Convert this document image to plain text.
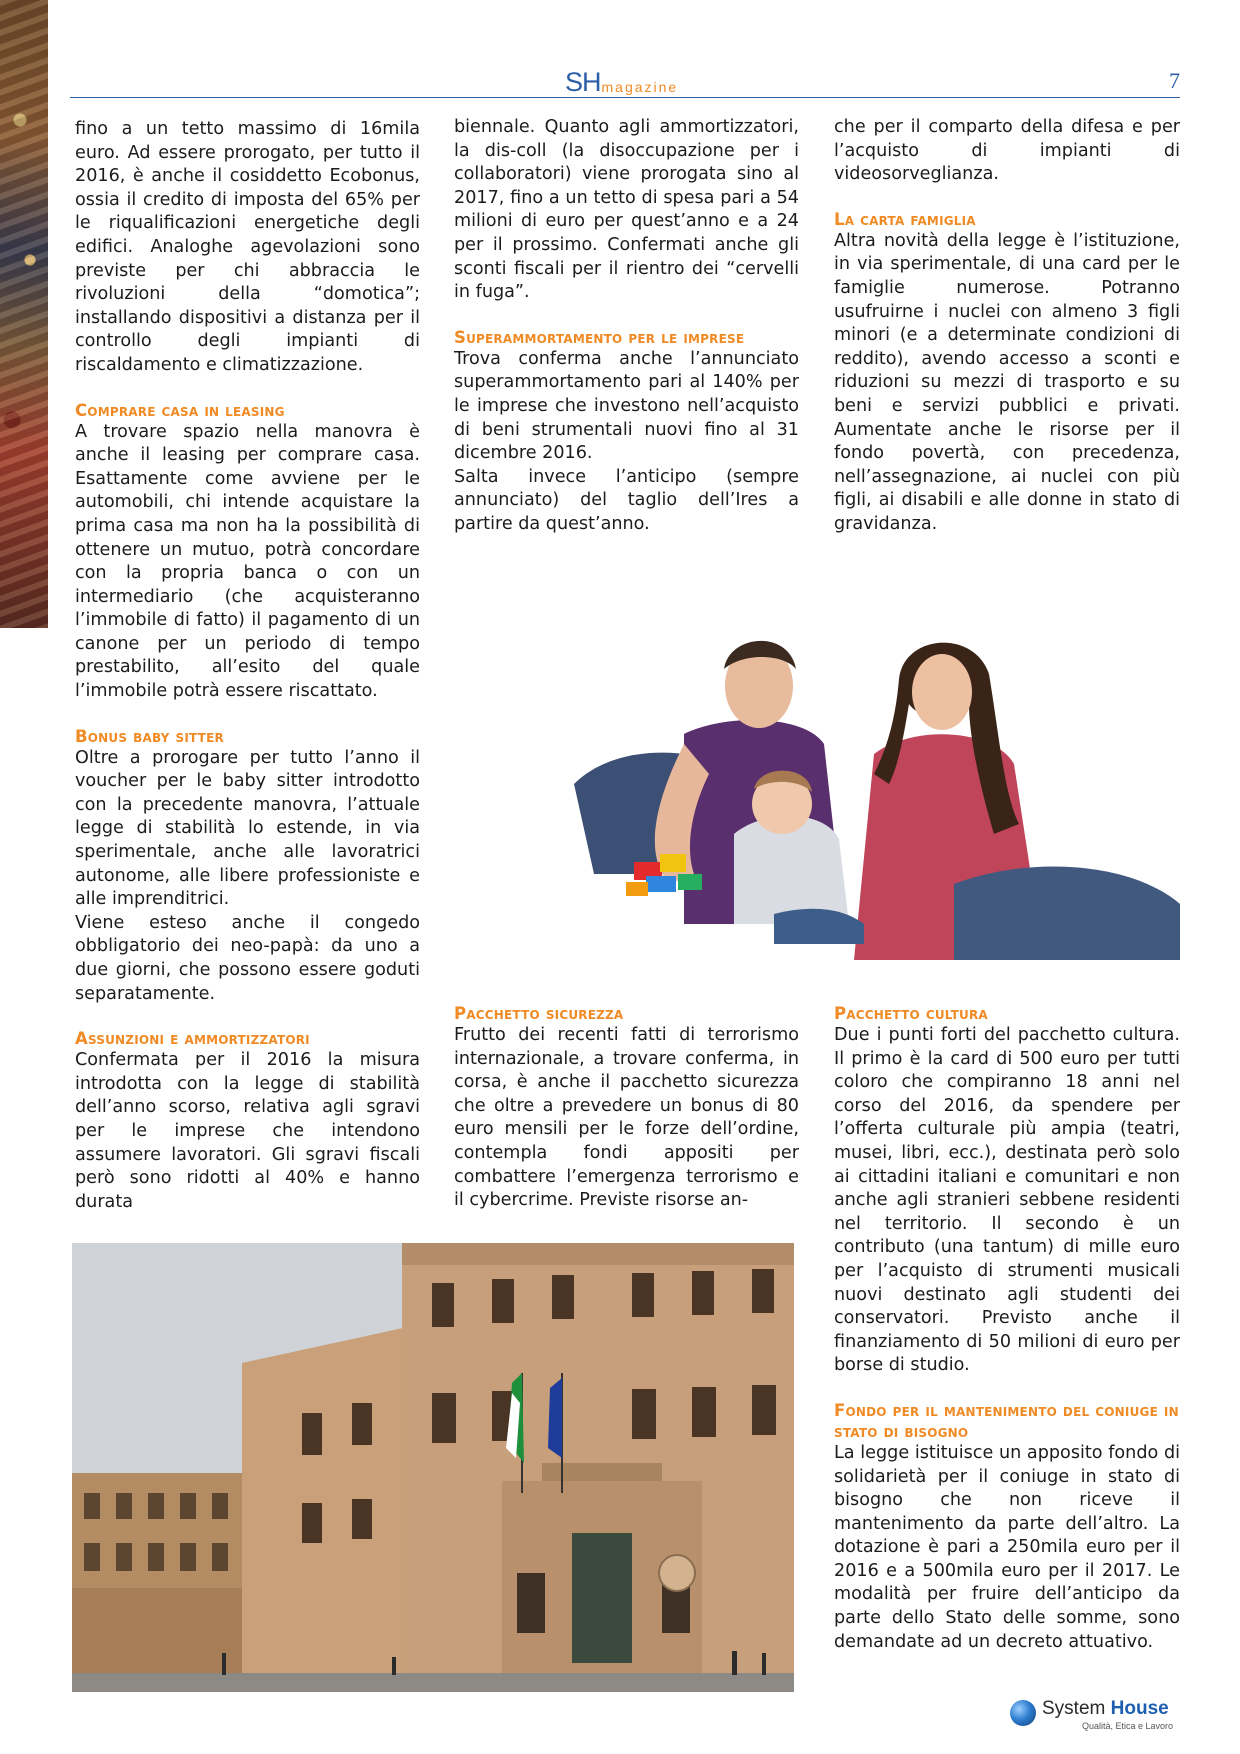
SH magazine	7

fino a un tetto massimo di 16mila euro. Ad essere prorogato, per tutto il 2016, è anche il cosiddetto Ecobonus, ossia il credito di imposta del 65% per le riqualificazioni energetiche degli edifici. Analoghe agevolazioni sono previste per chi abbraccia le rivoluzioni della “domotica”; installando dispositivi a distanza per il controllo degli impianti di riscaldamento e climatizzazione.

Comprare casa in leasing

A trovare spazio nella manovra è anche il leasing per comprare casa. Esattamente come avviene per le automobili, chi intende acquistare la prima casa ma non ha la possibilità di ottenere un mutuo, potrà concordare con la propria banca o con un intermediario (che acquisteranno l’immobile di fatto) il pagamento di un canone per un periodo di tempo prestabilito, all’esito del quale l’immobile potrà essere riscattato.

Bonus baby sitter

Oltre a prorogare per tutto l’anno il voucher per le baby sitter introdotto con la precedente manovra, l’attuale legge di stabilità lo estende, in via sperimentale, anche alle lavoratrici autonome, alle libere professioniste e alle imprenditrici.

Viene esteso anche il congedo obbligatorio dei neo-papà: da uno a due giorni, che possono essere goduti separatamente.

Assunzioni e ammortizzatori

Confermata per il 2016 la misura introdotta con la legge di stabilità dell’anno scorso, relativa agli sgravi per le imprese che intendono assumere lavoratori. Gli sgravi fiscali però sono ridotti al 40% e hanno durata

biennale. Quanto agli ammortizzatori, la dis-coll (la disoccupazione per i collaboratori) viene prorogata sino al 2017, fino a un tetto di spesa pari a 54 milioni di euro per quest’anno e a 24 per il prossimo. Confermati anche gli sconti fiscali per il rientro dei “cervelli in fuga”.

Superammortamento per le imprese

Trova conferma anche l’annunciato superammortamento pari al 140% per le imprese che investono nell’acquisto di beni strumentali nuovi fino al 31 dicembre 2016.

Salta invece l’anticipo (sempre annunciato) del taglio dell’Ires a partire da quest’anno.

Pacchetto sicurezza

Frutto dei recenti fatti di terrorismo internazionale, a trovare conferma, in corsa, è anche il pacchetto sicurezza che oltre a prevedere un bonus di 80 euro mensili per le forze dell’ordine, contempla fondi appositi per combattere l’emergenza terrorismo e il cybercrime. Previste risorse an-

che per il comparto della difesa e per l’acquisto di impianti di videosorveglianza.

La carta famiglia

Altra novità della legge è l’istituzione, in via sperimentale, di una card per le famiglie numerose. Potranno usufruirne i nuclei con almeno 3 figli minori (e a determinate condizioni di reddito), avendo accesso a sconti e riduzioni su mezzi di trasporto e su beni e servizi pubblici e privati. Aumentate anche le risorse per il fondo povertà, con precedenza, nell’assegnazione, ai nuclei con più figli, ai disabili e alle donne in stato di gravidanza.

Pacchetto cultura

Due i punti forti del pacchetto cultura. Il primo è la card di 500 euro per tutti coloro che compiranno 18 anni nel corso del 2016, da spendere per l’offerta culturale più ampia (teatri, musei, libri, ecc.), destinata però solo ai cittadini italiani e comunitari e non anche agli stranieri sebbene residenti nel territorio. Il secondo è un contributo (una tantum) di mille euro per l’acquisto di strumenti musicali nuovi destinato agli studenti dei conservatori. Previsto anche il finanziamento di 50 milioni di euro per borse di studio.

Fondo per il mantenimento del coniuge in stato di bisogno

La legge istituisce un apposito fondo di solidarietà per il coniuge in stato di bisogno che non riceve il mantenimento da parte dell’altro. La dotazione è pari a 250mila euro per il 2016 e a 500mila euro per il 2017. Le modalità per fruire dell’anticipo da parte dello Stato delle somme, sono demandate ad un decreto attuativo.

System House
Qualità, Etica e Lavoro
